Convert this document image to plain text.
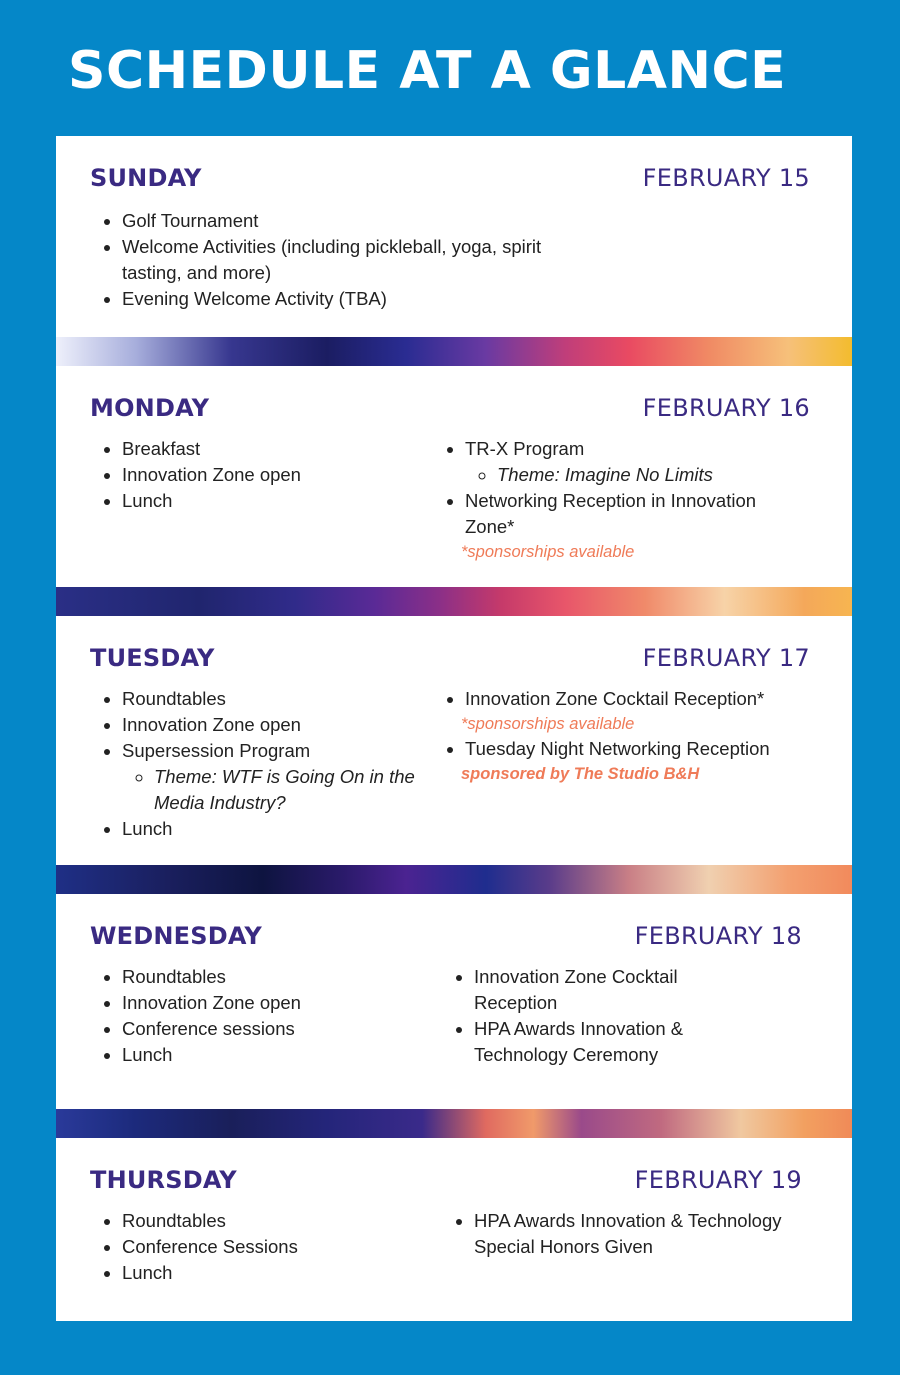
SCHEDULE AT A GLANCE
SUNDAY	FEBRUARY 15
• Golf Tournament
• Welcome Activities (including pickleball, yoga, spirit tasting, and more)
• Evening Welcome Activity (TBA)
MONDAY	FEBRUARY 16
• Breakfast
• Innovation Zone open
• Lunch
• TR-X Program
◦ Theme: Imagine No Limits
• Networking Reception in Innovation Zone*
*sponsorships available
TUESDAY	FEBRUARY 17
• Roundtables
• Innovation Zone open
• Supersession Program
◦ Theme: WTF is Going On in the Media Industry?
• Lunch
• Innovation Zone Cocktail Reception*
*sponsorships available
• Tuesday Night Networking Reception
sponsored by The Studio B&H
WEDNESDAY	FEBRUARY 18
• Roundtables
• Innovation Zone open
• Conference sessions
• Lunch
• Innovation Zone Cocktail Reception
• HPA Awards Innovation & Technology Ceremony
THURSDAY	FEBRUARY 19
• Roundtables
• Conference Sessions
• Lunch
• HPA Awards Innovation & Technology Special Honors Given
